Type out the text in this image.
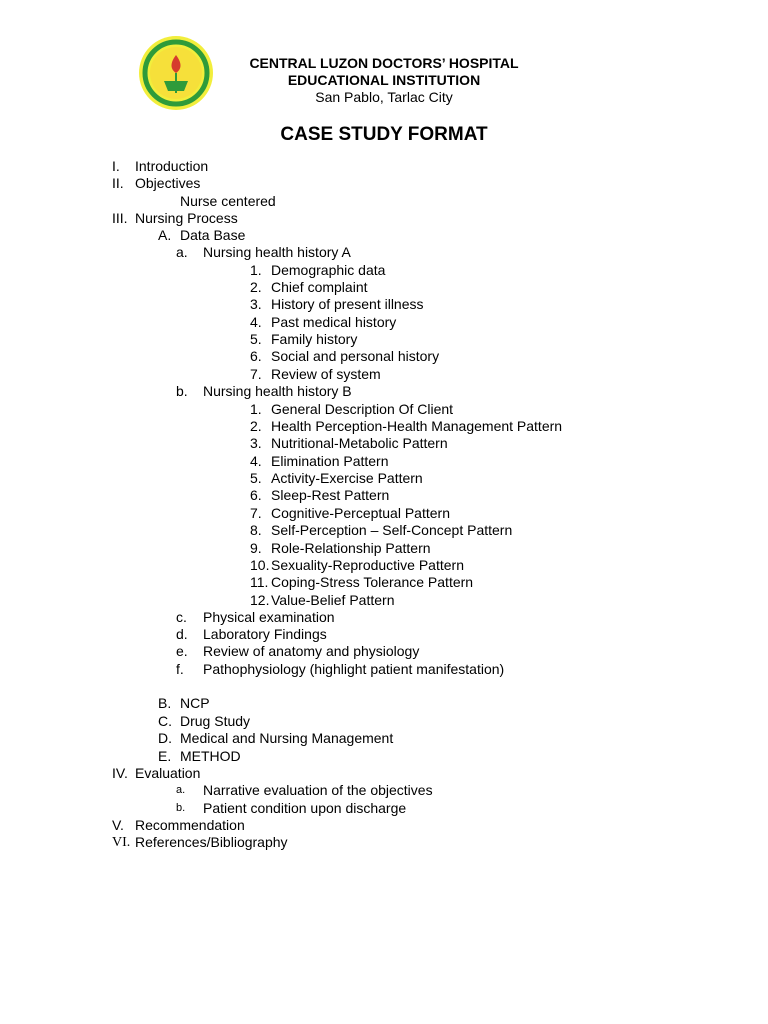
CENTRAL LUZON DOCTORS’ HOSPITAL
EDUCATIONAL INSTITUTION
San Pablo, Tarlac City
CASE STUDY FORMAT
I. Introduction
II. Objectives
Nurse centered
III. Nursing Process
A. Data Base
a. Nursing health history A
1. Demographic data
2. Chief complaint
3. History of present illness
4. Past medical history
5. Family history
6. Social and personal history
7. Review of system
b. Nursing health history B
1. General Description Of Client
2. Health Perception-Health Management Pattern
3. Nutritional-Metabolic Pattern
4. Elimination Pattern
5. Activity-Exercise Pattern
6. Sleep-Rest Pattern
7. Cognitive-Perceptual Pattern
8. Self-Perception – Self-Concept Pattern
9. Role-Relationship Pattern
10. Sexuality-Reproductive Pattern
11. Coping-Stress Tolerance Pattern
12. Value-Belief Pattern
c. Physical examination
d. Laboratory Findings
e. Review of anatomy and physiology
f. Pathophysiology (highlight patient manifestation)
B. NCP
C. Drug Study
D. Medical and Nursing Management
E. METHOD
IV. Evaluation
a. Narrative evaluation of the objectives
b. Patient condition upon discharge
V. Recommendation
VI. References/Bibliography
